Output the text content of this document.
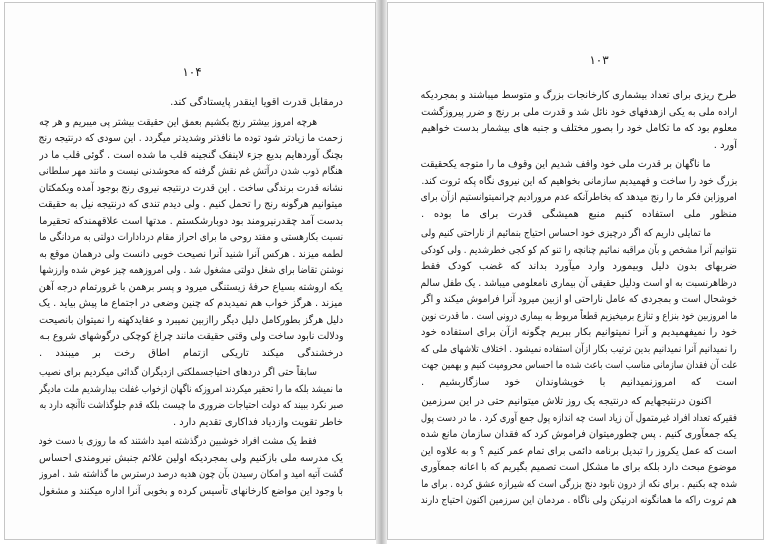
۱۰۴
درمقابل قدرت اقویا اینقدر پایستادگی کند.
هرچه امروز بیشتر رنج بکشیم بعمق این حقیقت بیشتر پی میبریم و هر چه
زحمت ما زیادتر شود توده ما نافذتر وشدیدتر میگردد . این سودی که درنتیجه رنج
بچنگ آوردهایم بدیع جزء لاینفک گنجینه قلب ما شده است . گوئی قلب ما در
هنگام ذوب شدن درآتش غم نقش گرفته که محوشدنی نیست و مانند مهر سلطانی
نشانه قدرت برندگی ساخت . این قدرت درنتیجه نیروی رنج بوجود آمده وبکمکتان
میتوانیم هرگونه رنج را تحمل کنیم . ولی دیدم تندی که درنتیجه نیل به حقیقت
بدست آمد چقدرنیرومند بود دوبارشکستم . مدتها است علاقهمندکه تحقیرما
نسبت بکارهستی و مفتد روحی ما برای احراز مقام دردادارات دولتی به مردانگی ما
لطمه میزند . هرکس آنرا شنید آنرا نصیحت خوبی دانست ولی درهمان موقع به
نوشتن تقاضا برای شغل دولتی مشغول شد . ولی امروزهمه چیز عوض شده وارزشها
یکه اروشته بسیاع حرفهٔ زیستنگی میرود و پسر برهمن با غرورتمام درجه آهن
میزند . هرگز خواب هم نمیدیدم که چنین وضعی در اجتماع ما پیش بیاید . یک
دلیل هرگز بطورکامل دلیل دیگر راازبین نمیبرد و عقایدکهنه را نمیتوان بانصیحت
ودلالت نابود ساخت ولی وقتی حقیقت مانند چراغ کوچکی درگوشهای شروع بـه
درخشندگی میکند تاریکی ازتمام اطاق رخت بر میبندد .
سابقاً حتی اگر دردهای احتیاجسملکتی ازدیگران گدائی میکردیم برای نصیب
ما نمیشد بلکه ما را تحقیر میکردند امروزکه ناگهان ازخواب غفلت بیدارشدیم ملت مادیگر
صبر نکرد ببیند که دولت احتیاجات ضروری ما چیست بلکه قدم جلوگذاشت تاآنچه دارد به
خاطر تقویت وازدیاد فداکاری تقدیم دارد .
فقط یک مشت افراد خوشبین درگذشته امید داشتند که ما روزی با دست خود
یک مدرسه ملی بازکنیم ولی بمجردیکه اولین علائم جنبش نیرومندی احساس
گشت آتیه امید و امکان رسیدن بآن چون هدیه درصد درسترس ما گذاشته شد . امروز
با وجود این مواضع کارخانهای تأسیس کرده و بخوبی آنرا اداره میکنند و مشغول
۱۰۳
طرح ریزی برای تعداد بیشماری کارخانجات بزرگ و متوسط میباشند و بمجردیکه
اراده ملی به یکی ازهدفهای خود نائل شد و قدرت ملی بر رنج و ضرر پیروزگشت
معلوم بود که ما تکامل خود را بصور مختلف و جنبه های بیشمار بدست خواهیم
آورد .
ما ناگهان بر قدرت ملی خود واقف شدیم این وقوف ما را متوجه یکحقیقت
بزرگ خود را ساخت و فهمیدیم سازمانی بخواهیم که این نیروی نگاه پکه ثروت کند.
امروزاین فکر ما را رنج میدهد که بخاطرآنکه عدم مرورادیم چرانمیتوانستیم ازآن برای
منظور ملی استفاده کنیم منبع همیشگی قدرت برای ما بوده .
ما تمایلی داریم که اگر درچیزی خود احساس احتیاج بنمائیم از ناراحتی کنیم ولی
نتوانیم آنرا مشخص و بآن مراقبه نمائیم چنانچه را تنو کم کو کجی خطرشدیم . ولی کودکی
ضربهای بدون دلیل وبیمورد وارد میآورد بداند که غضب کودک فقط
درظاهرنسبت به او است ودلیل حقیقی آن بیماری نامعلومی میباشد . یک طفل سالم
خوشحال است و بمجردی که عامل ناراحتی او ازبین میرود آنرا فراموش میکند و اگر
ما امروزبین خود بنزاع و تنازع برمیخیزیم قطعاً مربوط به بیماری درونی است . ما قدرت نوین
خود را نمیفهمیدیم و آنرا نمیتوانیم بکار ببریم چگونه ازآن برای استفاده خود
را نمیدانیم آنرا نمیدانیم بدین ترتیب بکار ازآن استفاده نمیشود . اختلاف تلاشهای ملی که
علت آن فقدان سازمانی مناسب است باعث شده ما احساس محرومیت کنیم و بهمین جهت
است که امروزنمیدانیم با خویشاوندان خود سازگاربشیم .
اکنون درنتیجهایم که درنتیجه یک روز تلاش میتوانیم حتی در این سرزمین
فقیرکه تعداد افراد غیرمتمول آن زیاد است چه اندازه پول جمع آوری کرد . ما در دست پول
یکه جمعآوری کنیم . پس چطورمیتوان فراموش کرد که فقدان سازمان مانع شده
است که عمل یکروز را تبدیل برنامه دائمی برای تمام عمر کنیم ؟ و به علاوه این
موضوع مبحث دارد بلکه برای ما مشکل است تصمیم بگیریم که با اعانه جمعآوری
شده چه بکنیم . برای نکه از درون نابود دنج بزرگی است که شیرازه عشق کرده . برای ما
هم ثروت راکه ما همانگونه ادرنیکن ولی ناگاه . مردمان این سرزمین اکنون احتیاج دارند
